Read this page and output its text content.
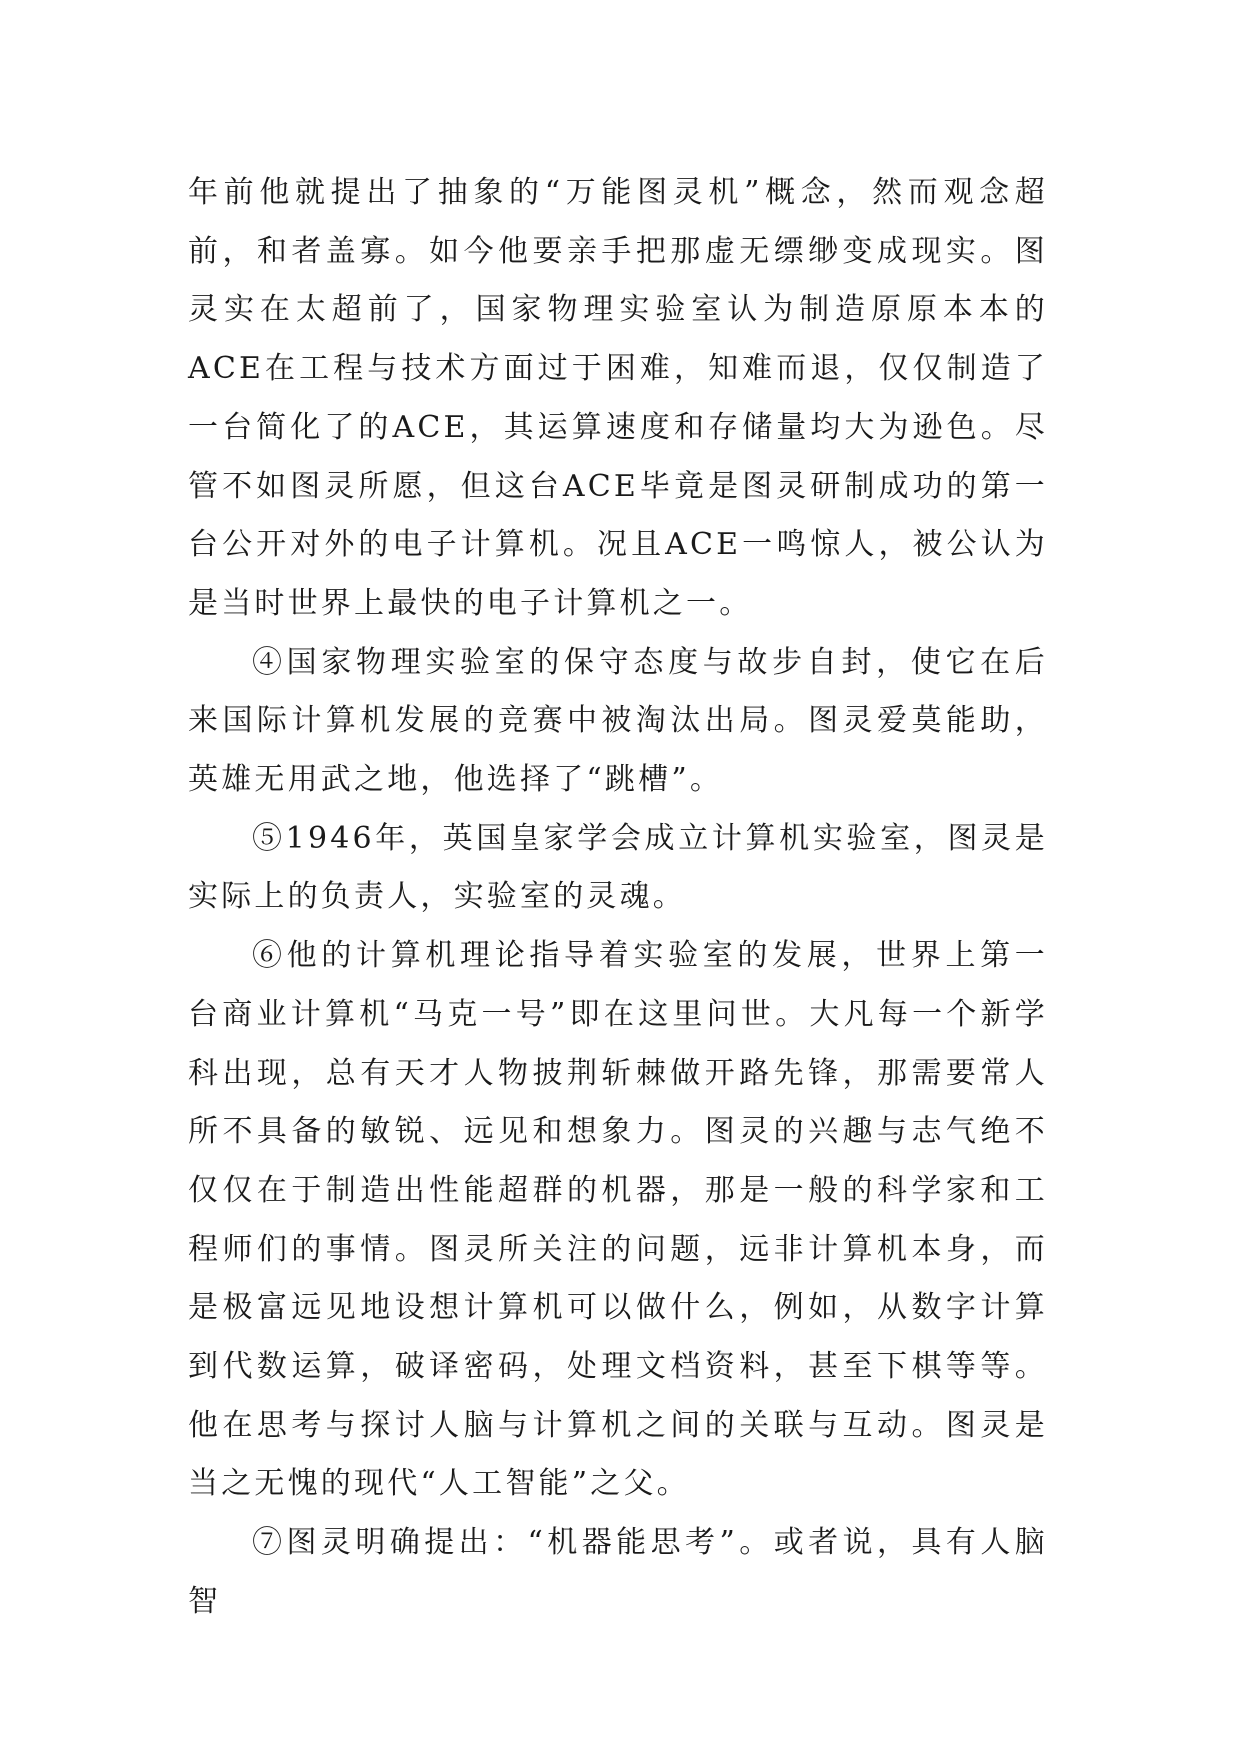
年前他就提出了抽象的“万能图灵机”概念，然而观念超前，和者盖寡。如今他要亲手把那虚无缥缈变成现实。图灵实在太超前了，国家物理实验室认为制造原原本本的ACE在工程与技术方面过于困难，知难而退，仅仅制造了一台简化了的ACE，其运算速度和存储量均大为逊色。尽管不如图灵所愿，但这台ACE毕竟是图灵研制成功的第一台公开对外的电子计算机。况且ACE一鸣惊人，被公认为是当时世界上最快的电子计算机之一。

④国家物理实验室的保守态度与故步自封，使它在后来国际计算机发展的竞赛中被淘汰出局。图灵爱莫能助，英雄无用武之地，他选择了“跳槽”。

⑤1946年，英国皇家学会成立计算机实验室，图灵是实际上的负责人，实验室的灵魂。

⑥他的计算机理论指导着实验室的发展，世界上第一台商业计算机“马克一号”即在这里问世。大凡每一个新学科出现，总有天才人物披荆斩棘做开路先锋，那需要常人所不具备的敏锐、远见和想象力。图灵的兴趣与志气绝不仅仅在于制造出性能超群的机器，那是一般的科学家和工程师们的事情。图灵所关注的问题，远非计算机本身，而是极富远见地设想计算机可以做什么，例如，从数字计算到代数运算，破译密码，处理文档资料，甚至下棋等等。他在思考与探讨人脑与计算机之间的关联与互动。图灵是当之无愧的现代“人工智能”之父。

⑦图灵明确提出：“机器能思考”。或者说，具有人脑智
